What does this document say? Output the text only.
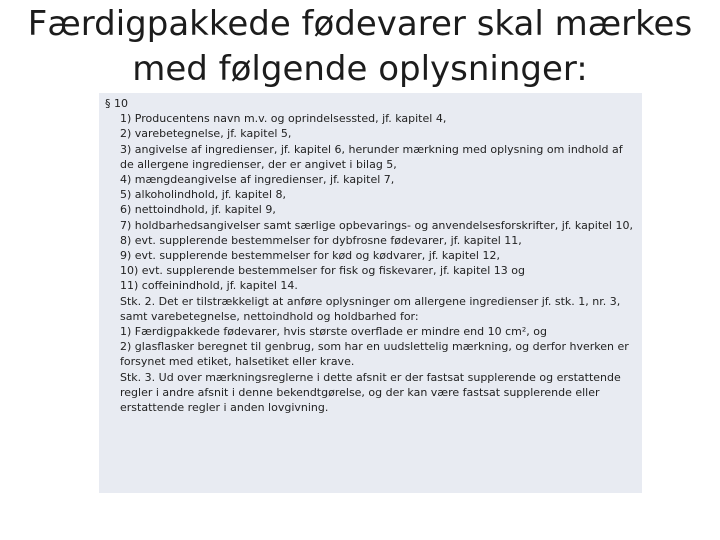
Færdigpakkede fødevarer skal mærkes
med følgende oplysninger:
§ 10
1) Producentens navn m.v. og oprindelsessted, jf. kapitel 4,
2) varebetegnelse, jf. kapitel 5,
3) angivelse af ingredienser, jf. kapitel 6, herunder mærkning med oplysning om indhold af de allergene ingredienser, der er angivet i bilag 5,
4) mængdeangivelse af ingredienser, jf. kapitel 7,
5) alkoholindhold, jf. kapitel 8,
6) nettoindhold, jf. kapitel 9,
7) holdbarhedsangivelser samt særlige opbevarings- og anvendelsesforskrifter, jf. kapitel 10,
8) evt. supplerende bestemmelser for dybfrosne fødevarer, jf. kapitel 11,
9) evt. supplerende bestemmelser for kød og kødvarer, jf. kapitel 12,
10) evt. supplerende bestemmelser for fisk og fiskevarer, jf. kapitel 13 og
11) coffeinindhold, jf. kapitel 14.
Stk. 2. Det er tilstrækkeligt at anføre oplysninger om allergene ingredienser jf. stk. 1, nr. 3, samt varebetegnelse, nettoindhold og holdbarhed for:
1) Færdigpakkede fødevarer, hvis største overflade er mindre end 10 cm², og
2) glasflasker beregnet til genbrug, som har en uudslettelig mærkning, og derfor hverken er forsynet med etiket, halsetiket eller krave.
Stk. 3. Ud over mærkningsreglerne i dette afsnit er der fastsat supplerende og erstattende regler i andre afsnit i denne bekendtgørelse, og der kan være fastsat supplerende eller erstattende regler i anden lovgivning.
